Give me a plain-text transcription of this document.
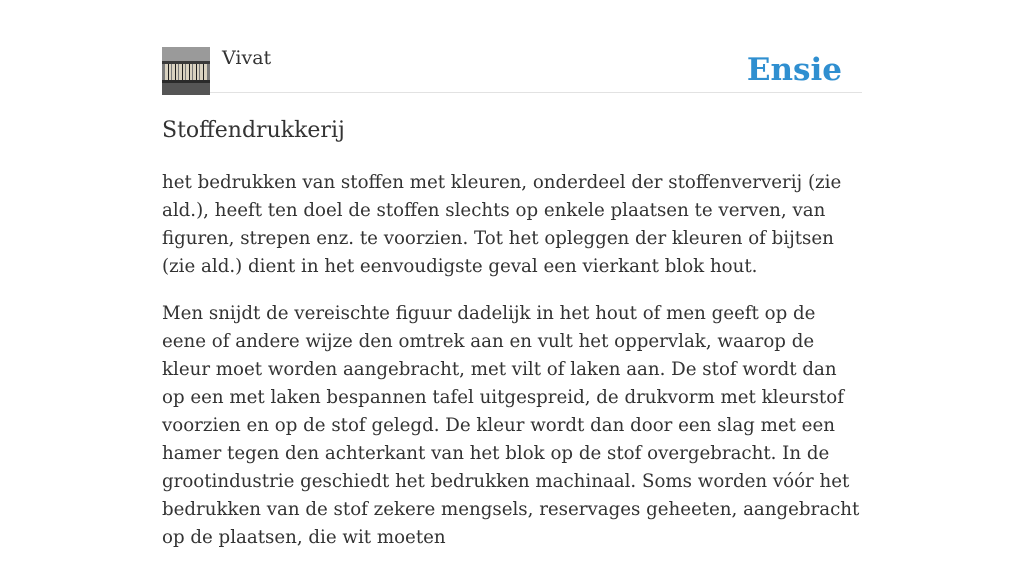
Vivat	Ensie
Stoffendrukkerij

het bedrukken van stoffen met kleuren, onderdeel der stoffenververij (zie ald.), heeft ten doel de stoffen slechts op enkele plaatsen te verven, van figuren, strepen enz. te voorzien. Tot het opleggen der kleuren of bijtsen (zie ald.) dient in het eenvoudigste geval een vierkant blok hout.

Men snijdt de vereischte figuur dadelijk in het hout of men geeft op de eene of andere wijze den omtrek aan en vult het oppervlak, waarop de kleur moet worden aangebracht, met vilt of laken aan. De stof wordt dan op een met laken bespannen tafel uitgespreid, de drukvorm met kleurstof voorzien en op de stof gelegd. De kleur wordt dan door een slag met een hamer tegen den achterkant van het blok op de stof overgebracht. In de grootindustrie geschiedt het bedrukken machinaal. Soms worden vóór het bedrukken van de stof zekere mengsels, reservages geheeten, aangebracht op de plaatsen, die wit moeten
